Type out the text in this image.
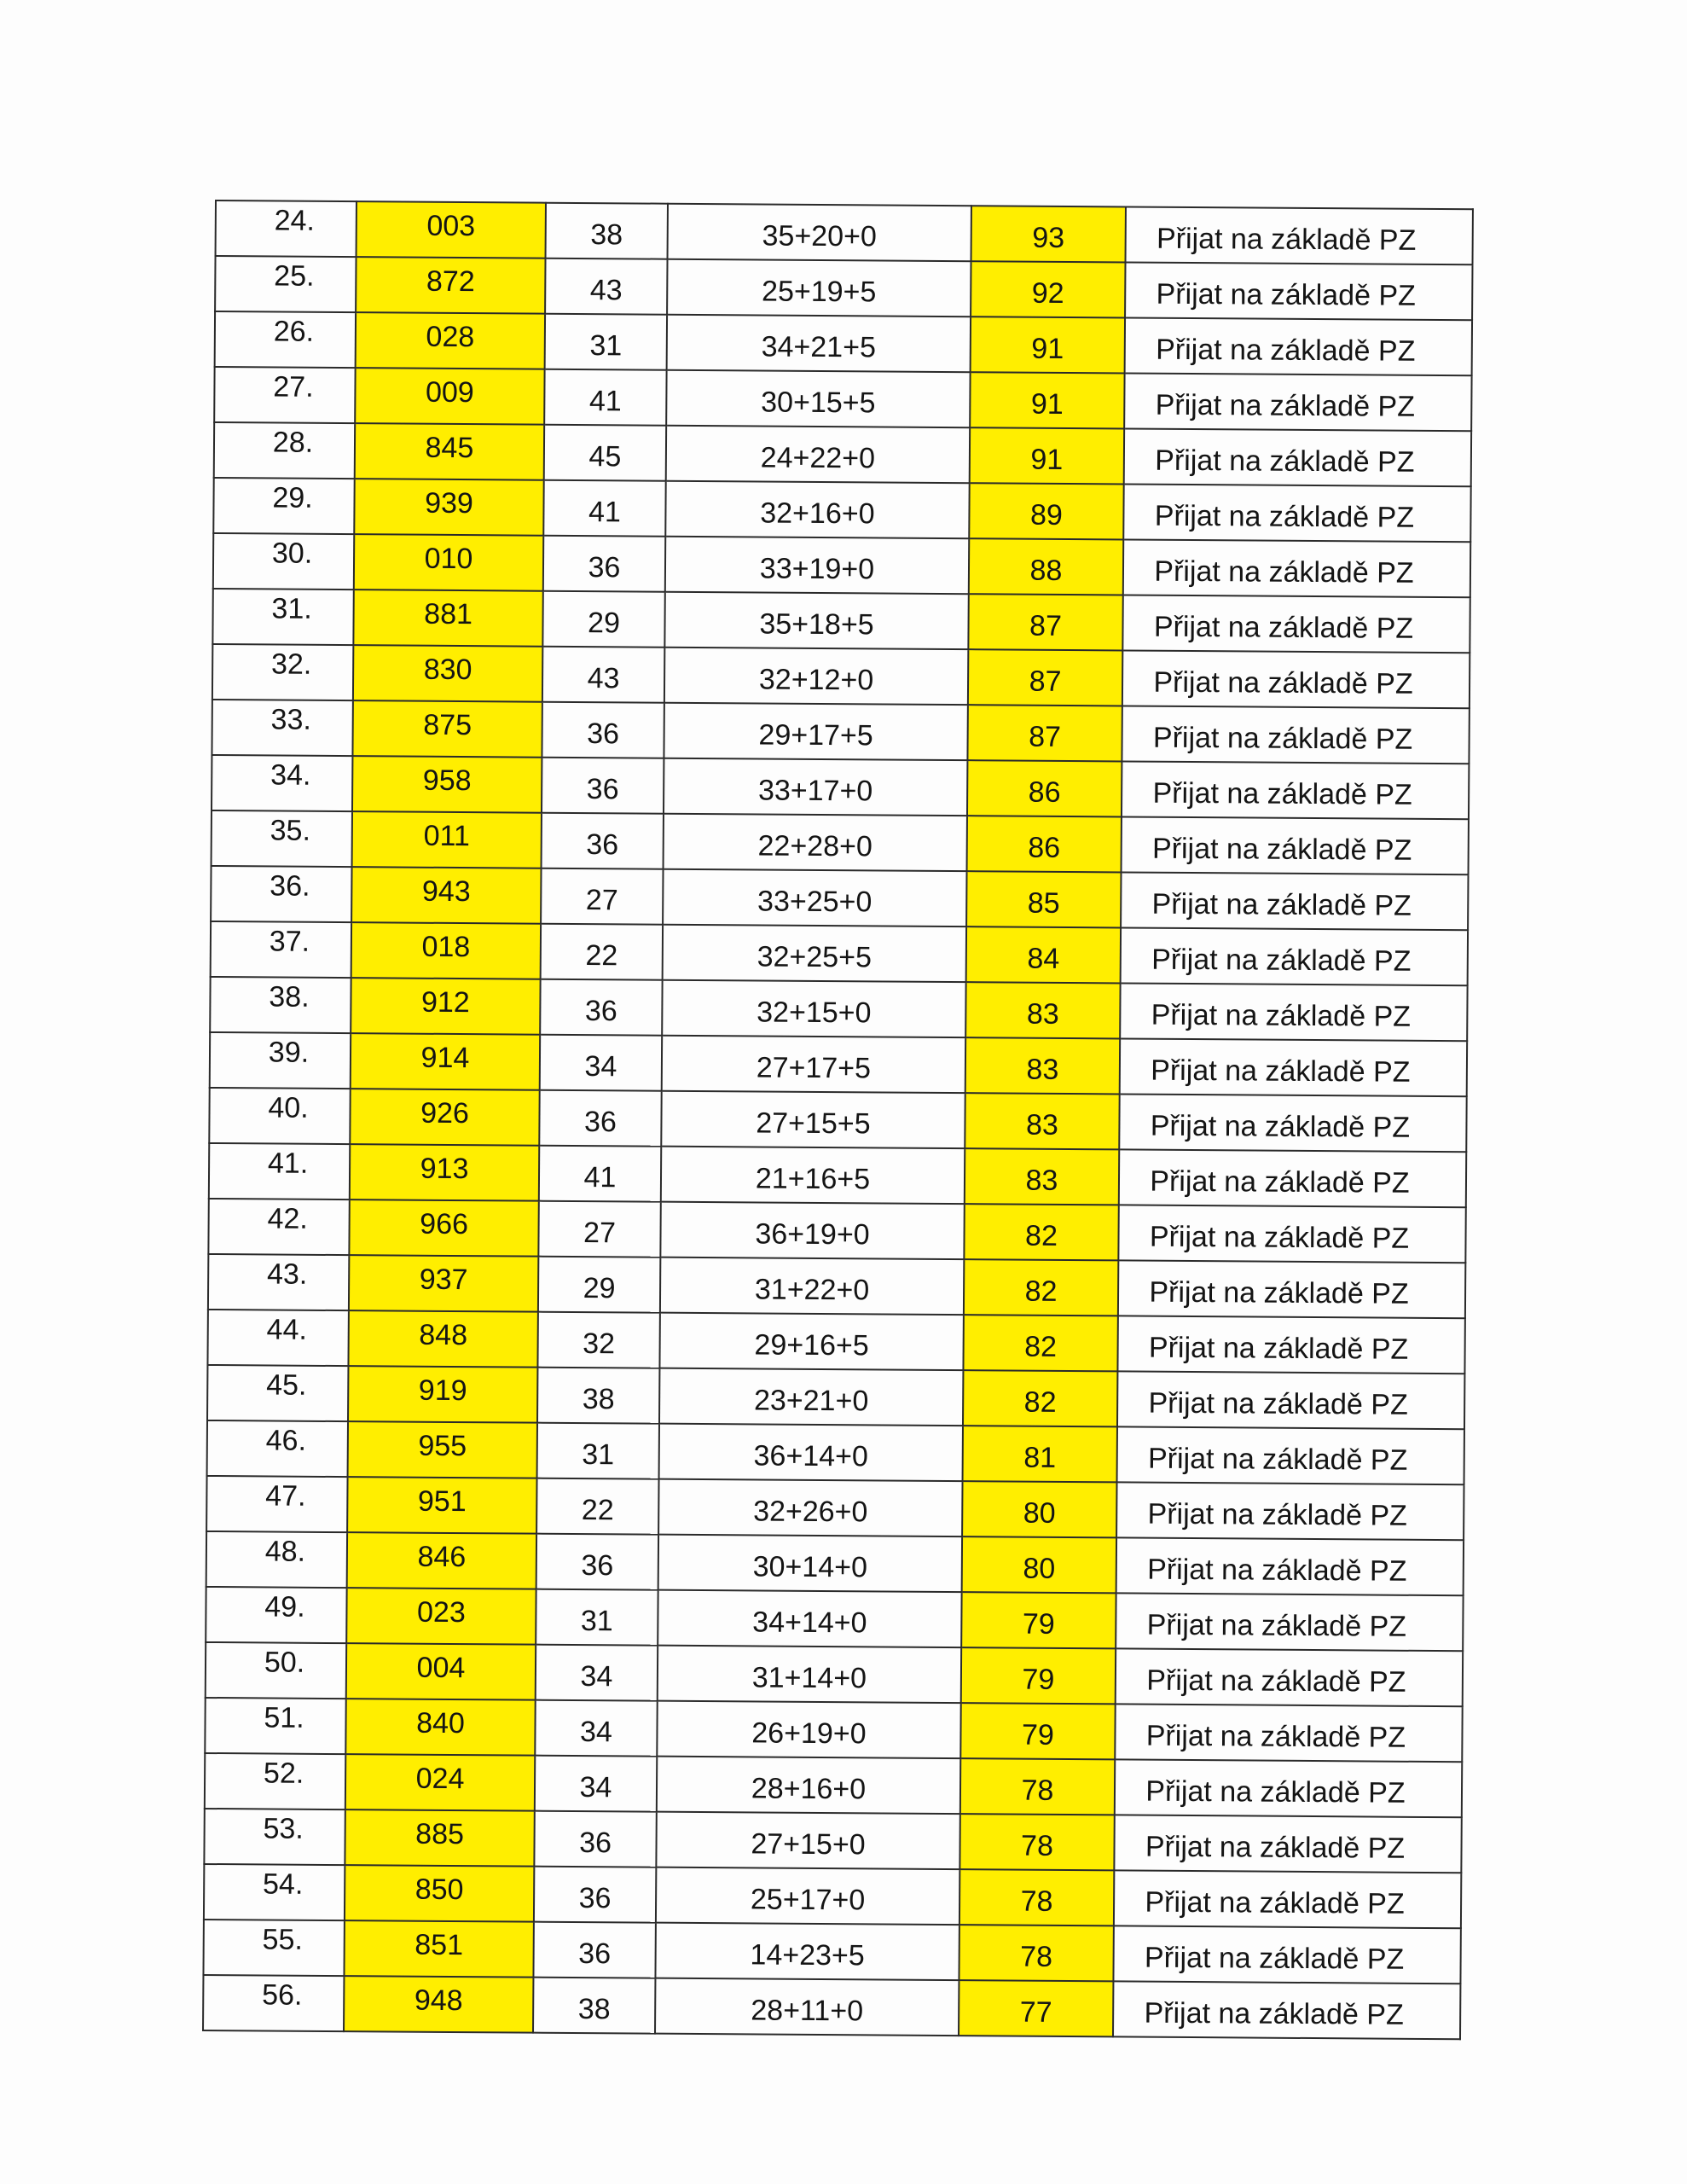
24.	003	38	35+20+0	93	Přijat na základě PZ
25.	872	43	25+19+5	92	Přijat na základě PZ
26.	028	31	34+21+5	91	Přijat na základě PZ
27.	009	41	30+15+5	91	Přijat na základě PZ
28.	845	45	24+22+0	91	Přijat na základě PZ
29.	939	41	32+16+0	89	Přijat na základě PZ
30.	010	36	33+19+0	88	Přijat na základě PZ
31.	881	29	35+18+5	87	Přijat na základě PZ
32.	830	43	32+12+0	87	Přijat na základě PZ
33.	875	36	29+17+5	87	Přijat na základě PZ
34.	958	36	33+17+0	86	Přijat na základě PZ
35.	011	36	22+28+0	86	Přijat na základě PZ
36.	943	27	33+25+0	85	Přijat na základě PZ
37.	018	22	32+25+5	84	Přijat na základě PZ
38.	912	36	32+15+0	83	Přijat na základě PZ
39.	914	34	27+17+5	83	Přijat na základě PZ
40.	926	36	27+15+5	83	Přijat na základě PZ
41.	913	41	21+16+5	83	Přijat na základě PZ
42.	966	27	36+19+0	82	Přijat na základě PZ
43.	937	29	31+22+0	82	Přijat na základě PZ
44.	848	32	29+16+5	82	Přijat na základě PZ
45.	919	38	23+21+0	82	Přijat na základě PZ
46.	955	31	36+14+0	81	Přijat na základě PZ
47.	951	22	32+26+0	80	Přijat na základě PZ
48.	846	36	30+14+0	80	Přijat na základě PZ
49.	023	31	34+14+0	79	Přijat na základě PZ
50.	004	34	31+14+0	79	Přijat na základě PZ
51.	840	34	26+19+0	79	Přijat na základě PZ
52.	024	34	28+16+0	78	Přijat na základě PZ
53.	885	36	27+15+0	78	Přijat na základě PZ
54.	850	36	25+17+0	78	Přijat na základě PZ
55.	851	36	14+23+5	78	Přijat na základě PZ
56.	948	38	28+11+0	77	Přijat na základě PZ
